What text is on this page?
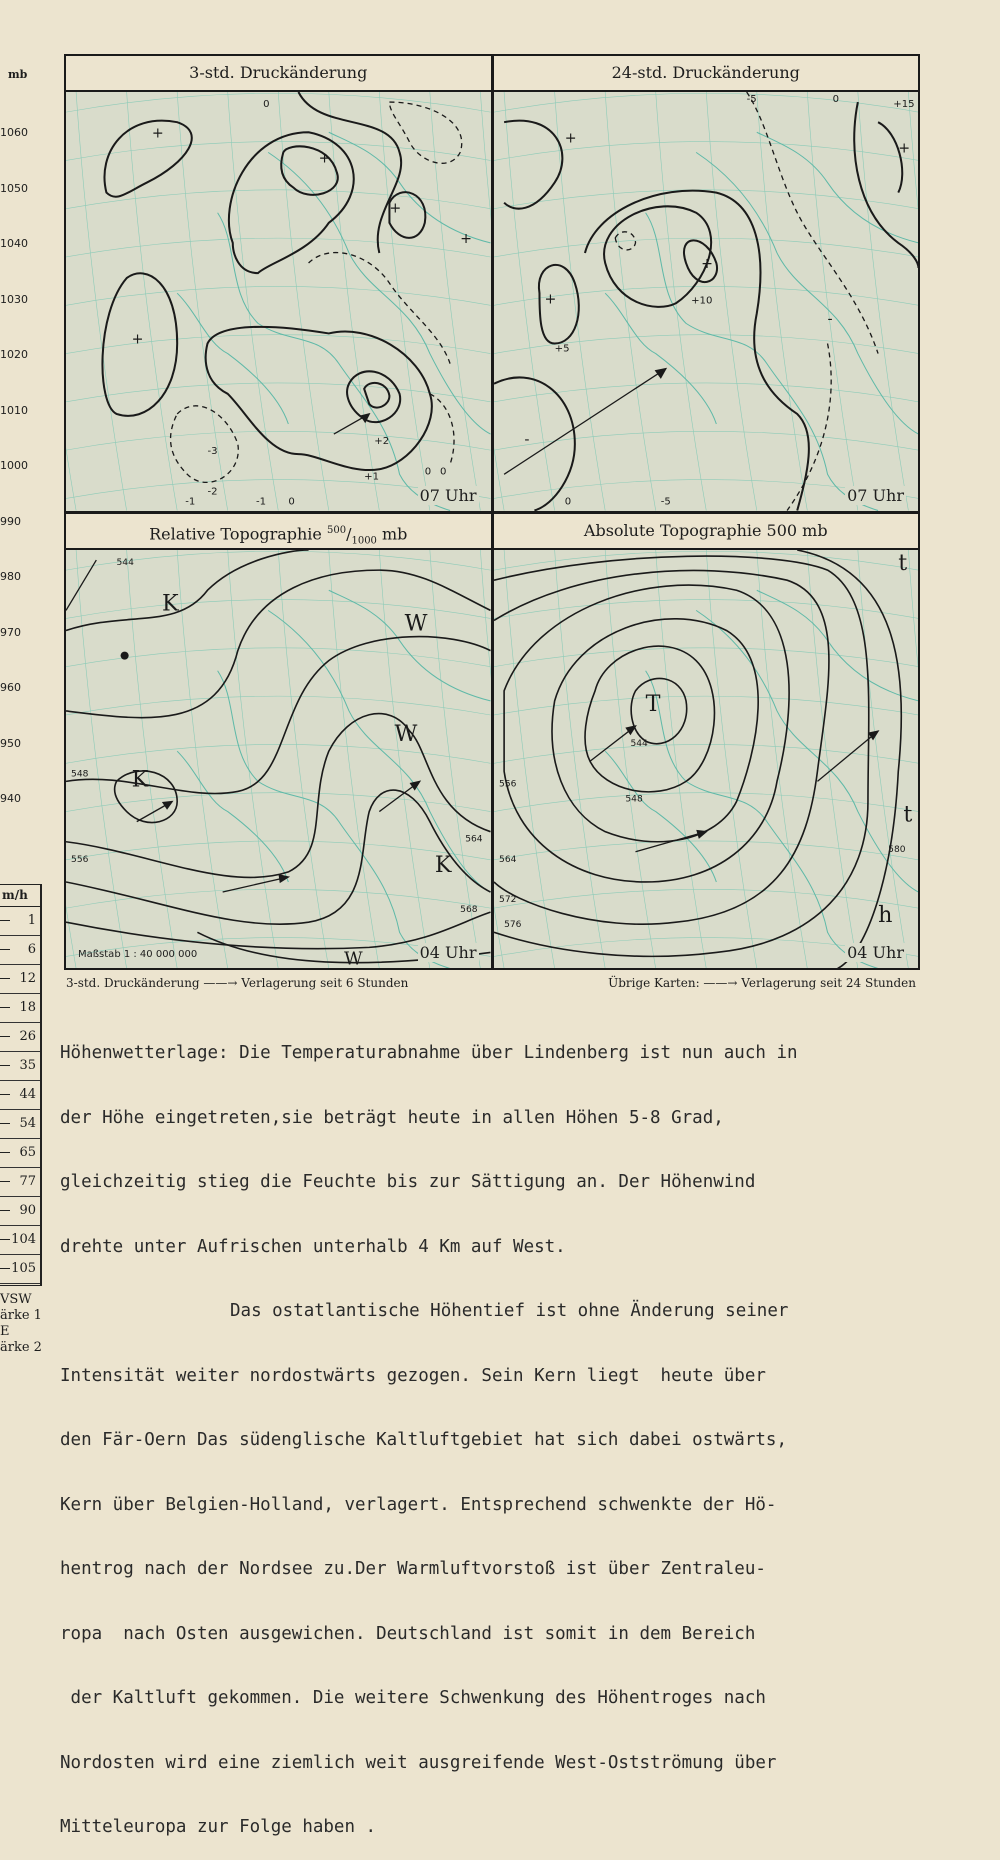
mb
1060
1050
1040
1030
1020
1010
1000
990
980
970
960
950
940
m/h
1
6
12
18
26
35
44
54
65
77
90
104
105
VSW
ärke 1
E
ärke 2
3-std. Druckänderung
+
+
+
+
+
0
0
0
-1
-2
-3
-1
+2
+1	0
07 Uhr
24-std. Druckänderung
+
+
+
+
-
-
0	-5
+5
+10
+15
-5	0
07 Uhr
Relative Topographie $^{500}/_{1000}$ mb
K
K
K
W
W
W
544
548
556
564
568
Maßstab 1 : 40 000 000	04 Uhr
Absolute Topographie 500 mb
T
t
t
h
556
564
572
576
580
544
548
04 Uhr
3-std. Druckänderung ——→ Verlagerung seit 6 Stunden	Übrige Karten: ——→ Verlagerung seit 24 Stunden

Höhenwetterlage: Die Temperaturabnahme über Lindenberg ist nun auch in

der Höhe eingetreten,sie beträgt heute in allen Höhen 5-8 Grad,

gleichzeitig stieg die Feuchte bis zur Sättigung an. Der Höhenwind

drehte unter Aufrischen unterhalb 4 Km auf West.

Das ostatlantische Höhentief ist ohne Änderung seiner

Intensität weiter nordostwärts gezogen. Sein Kern liegt  heute über

den Fär-Oern Das südenglische Kaltluftgebiet hat sich dabei ostwärts,

Kern über Belgien-Holland, verlagert. Entsprechend schwenkte der Hö-

hentrog nach der Nordsee zu.Der Warmluftvorstoß ist über Zentraleu-

ropa  nach Osten ausgewichen. Deutschland ist somit in dem Bereich

der Kaltluft gekommen. Die weitere Schwenkung des Höhentroges nach

Nordosten wird eine ziemlich weit ausgreifende West-Ostströmung über

Mitteleuropa zur Folge haben .
